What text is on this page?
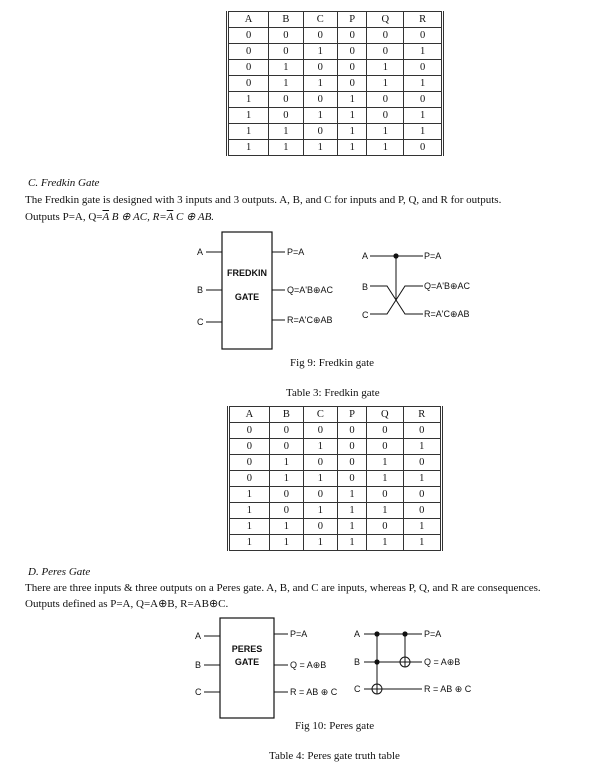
A	B	C	P	Q	R
0	0	0	0	0	0
0	0	1	0	0	1
0	1	0	0	1	0
0	1	1	0	1	1
1	0	0	1	0	0
1	0	1	1	0	1
1	1	0	1	1	1
1	1	1	1	1	0
C. Fredkin Gate
The Fredkin gate is designed with 3 inputs and 3 outputs. A, B, and C for inputs and P, Q, and R for outputs.
Outputs P=A, $Q=\overline{A}$ B ⊕ AC, $R=\overline{A}$ C ⊕ AB.
FREDKIN
GATE
A
B
C
P=A
Q=A'B⊕AC
R=A'C⊕AB
A
B
C
P=A
Q=A'B⊕AC
R=A'C⊕AB
Fig 9: Fredkin gate
Table 3: Fredkin gate
A	B	C	P	Q	R
0	0	0	0	0	0
0	0	1	0	0	1
0	1	0	0	1	0
0	1	1	0	1	1
1	0	0	1	0	0
1	0	1	1	1	0
1	1	0	1	0	1
1	1	1	1	1	1
D. Peres Gate
There are three inputs & three outputs on a Peres gate. A, B, and C are inputs, whereas P, Q, and R are consequences.
Outputs defined as P=A, Q=A⊕B, R=AB⊕C.
PERES
GATE
A
B
C
P=A
Q = A⊕B
R = AB ⊕ C
A
B
C
P=A
Q = A⊕B
R = AB ⊕ C
Fig 10: Peres gate
Table 4: Peres gate truth table
